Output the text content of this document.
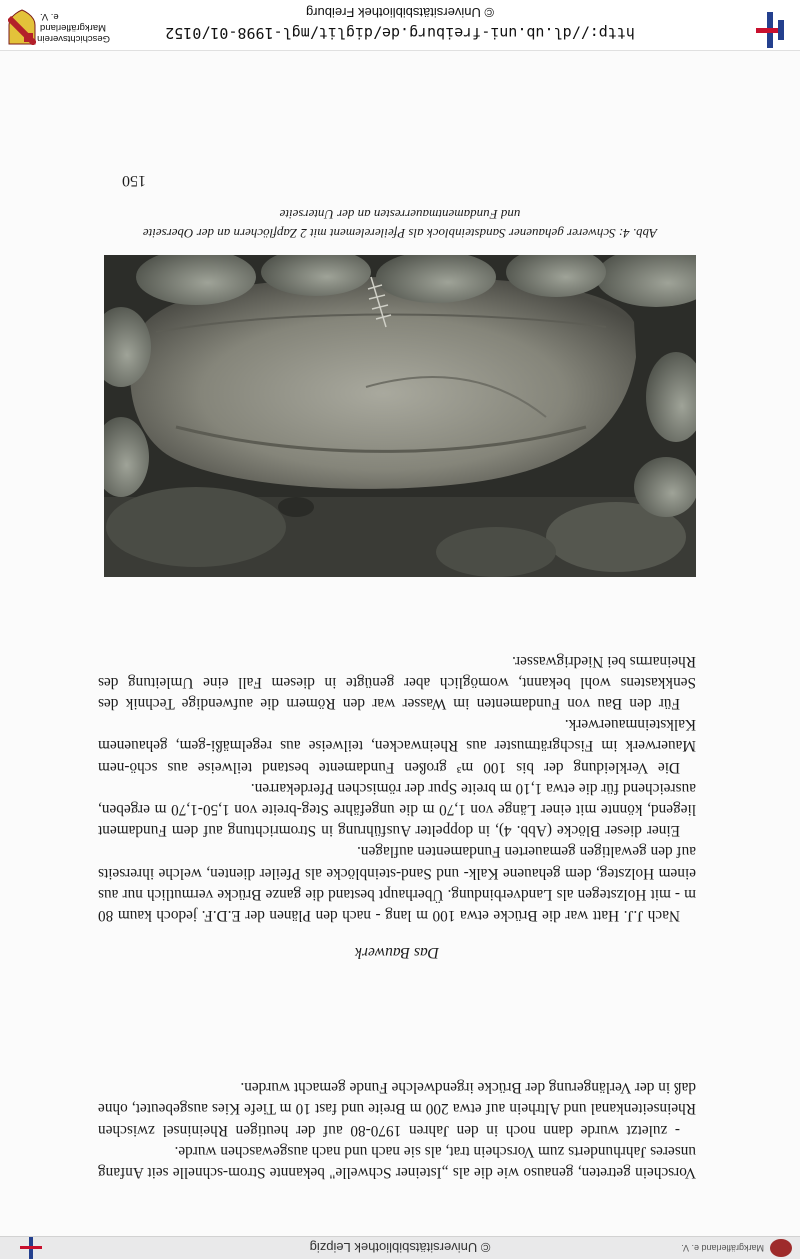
Markgräflerland e. V.
© Universitätsbibliothek Leipzig

Vorschein getreten, genauso wie die als „Isteiner Schwelle" bekannte Strom-schnelle seit Anfang unseres Jahrhunderts zum Vorschein trat, als sie nach und nach ausgewaschen wurde.

- zuletzt wurde dann noch in den Jahren 1970-80 auf der heutigen Rheininsel zwischen Rheinseitenkanal und Altrhein auf etwa 200 m Breite und fast 10 m Tiefe Kies ausgebeutet, ohne daß in der Verlängerung der Brücke irgendwelche Funde gemacht wurden.

Das Bauwerk

Nach J.J. Hatt war die Brücke etwa 100 m lang - nach den Plänen der E.D.F. jedoch kaum 80 m - mit Holzstegen als Landverbindung. Überhaupt bestand die ganze Brücke vermutlich nur aus einem Holzsteg, dem gehauene Kalk- und Sand-steinblöcke als Pfeiler dienten, welche ihrerseits auf den gewaltigen gemauerten Fundamenten auflagen.

Einer dieser Blöcke (Abb. 4), in doppelter Ausführung in Stromrichtung auf dem Fundament liegend, könnte mit einer Länge von 1,70 m die ungefähre Steg-breite von 1,50-1,70 m ergeben, ausreichend für die etwa 1,10 m breite Spur der römischen Pferdekarren.

Die Verkleidung der bis 100 m³ großen Fundamente bestand teilweise aus schö-nem Mauerwerk im Fischgrätmuster aus Rheinwacken, teilweise aus regelmäßi-gem, gehauenem Kalksteinmauerwerk.

Für den Bau von Fundamenten im Wasser war den Römern die aufwendige Technik des Senkkastens wohl bekannt, womöglich aber genügte in diesem Fall eine Umleitung des Rheinarms bei Niedrigwasser.

Abb. 4: Schwerer gehauener Sandsteinblock als Pfeilerelement mit 2 Zapflöchern an der Oberseite
und Fundamentmauerresten an der Unterseite
150
http://dl.ub.uni-freiburg.de/diglit/mgl-1998-01/0152
© Universitätsbibliothek Freiburg
Geschichtsverein
Markgräflerland e. V.
